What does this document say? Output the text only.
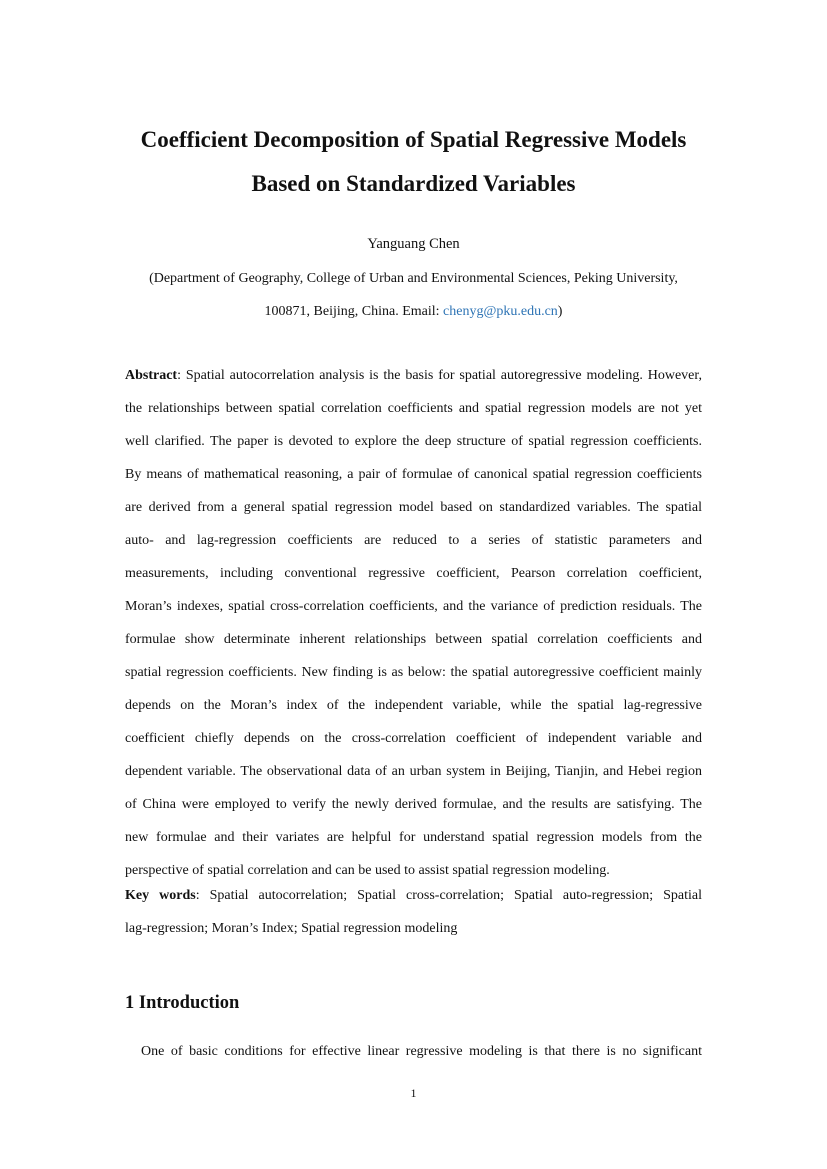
Coefficient Decomposition of Spatial Regressive Models
Based on Standardized Variables
Yanguang Chen
(Department of Geography, College of Urban and Environmental Sciences, Peking University,
100871, Beijing, China. Email: chenyg@pku.edu.cn)
Abstract: Spatial autocorrelation analysis is the basis for spatial autoregressive modeling. However,
the relationships between spatial correlation coefficients and spatial regression models are not yet
well clarified. The paper is devoted to explore the deep structure of spatial regression coefficients.
By means of mathematical reasoning, a pair of formulae of canonical spatial regression coefficients
are derived from a general spatial regression model based on standardized variables. The spatial
auto- and lag-regression coefficients are reduced to a series of statistic parameters and
measurements, including conventional regressive coefficient, Pearson correlation coefficient,
Moran’s indexes, spatial cross-correlation coefficients, and the variance of prediction residuals. The
formulae show determinate inherent relationships between spatial correlation coefficients and
spatial regression coefficients. New finding is as below: the spatial autoregressive coefficient mainly
depends on the Moran’s index of the independent variable, while the spatial lag-regressive
coefficient chiefly depends on the cross-correlation coefficient of independent variable and
dependent variable. The observational data of an urban system in Beijing, Tianjin, and Hebei region
of China were employed to verify the newly derived formulae, and the results are satisfying. The
new formulae and their variates are helpful for understand spatial regression models from the
perspective of spatial correlation and can be used to assist spatial regression modeling.
Key words: Spatial autocorrelation; Spatial cross-correlation; Spatial auto-regression; Spatial
lag-regression; Moran’s Index; Spatial regression modeling
1 Introduction
One of basic conditions for effective linear regressive modeling is that there is no significant
1
